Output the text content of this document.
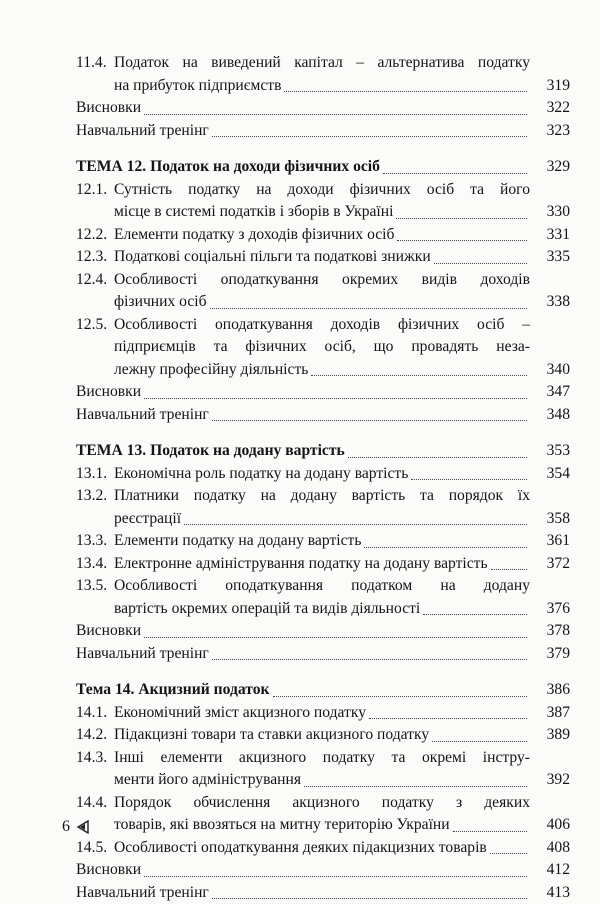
11.4. Податок на виведений капітал – альтернатива податку
на прибуток підприємств	319
Висновки	322
Навчальний тренінг	323
ТЕМА 12. Податок на доходи фізичних осіб	329
12.1. Сутність податку на доходи фізичних осіб та його
місце в системі податків і зборів в Україні	330
12.2. Елементи податку з доходів фізичних осіб	331
12.3. Податкові соціальні пільги та податкові знижки	335
12.4. Особливості оподаткування окремих видів доходів
фізичних осіб	338
12.5. Особливості оподаткування доходів фізичних осіб –
підприємців та фізичних осіб, що провадять неза-
лежну професійну діяльність	340
Висновки	347
Навчальний тренінг	348
ТЕМА 13. Податок на додану вартість	353
13.1. Економічна роль податку на додану вартість	354
13.2. Платники податку на додану вартість та порядок їх
реєстрації	358
13.3. Елементи податку на додану вартість	361
13.4. Електронне адміністрування податку на додану вартість	372
13.5. Особливості оподаткування податком на додану
вартість окремих операцій та видів діяльності	376
Висновки	378
Навчальний тренінг	379
Тема 14. Акцизний податок	386
14.1. Економічний зміст акцизного податку	387
14.2. Підакцизні товари та ставки акцизного податку	389
14.3. Інші елементи акцизного податку та окремі інстру-
менти його адміністрування	392
14.4. Порядок обчислення акцизного податку з деяких
товарів, які ввозяться на митну територію України	406
14.5. Особливості оподаткування деяких підакцизних товарів	408
Висновки	412
Навчальний тренінг	413
6
